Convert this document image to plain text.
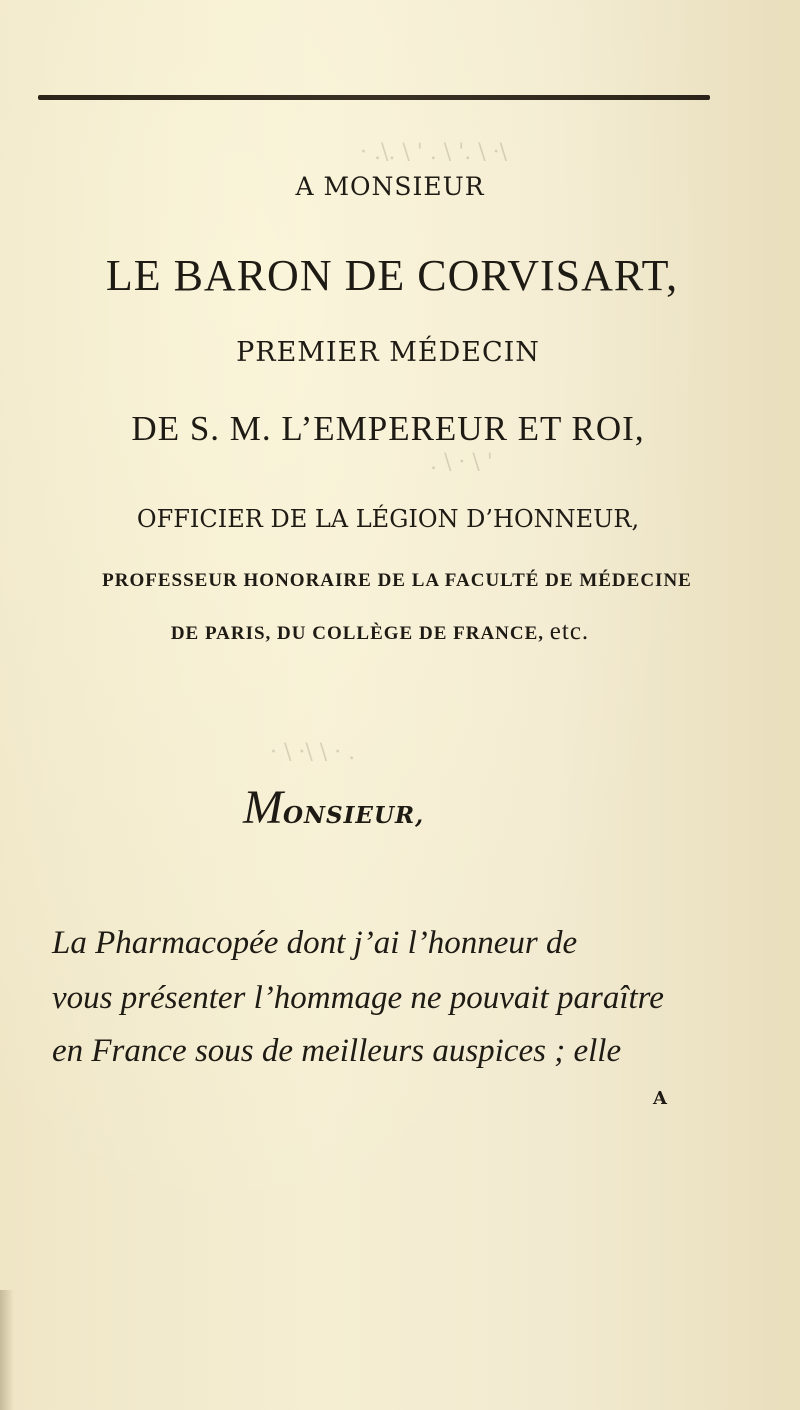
· .\. \ ' . \ '. \ ·\
. \ · \ '
· \ ·\ \ · .
A MONSIEUR
LE BARON DE CORVISART,
PREMIER MÉDECIN
DE S. M. L’EMPEREUR ET ROI,
OFFICIER DE LA LÉGION D’HONNEUR,
PROFESSEUR HONORAIRE DE LA FACULTÉ DE MÉDECINE
DE PARIS, DU COLLÈGE DE FRANCE, etc.
MONSIEUR,
La Pharmacopée dont j’ai l’honneur de
vous présenter l’hommage ne pouvait paraître
en France sous de meilleurs auspices ; elle
A
